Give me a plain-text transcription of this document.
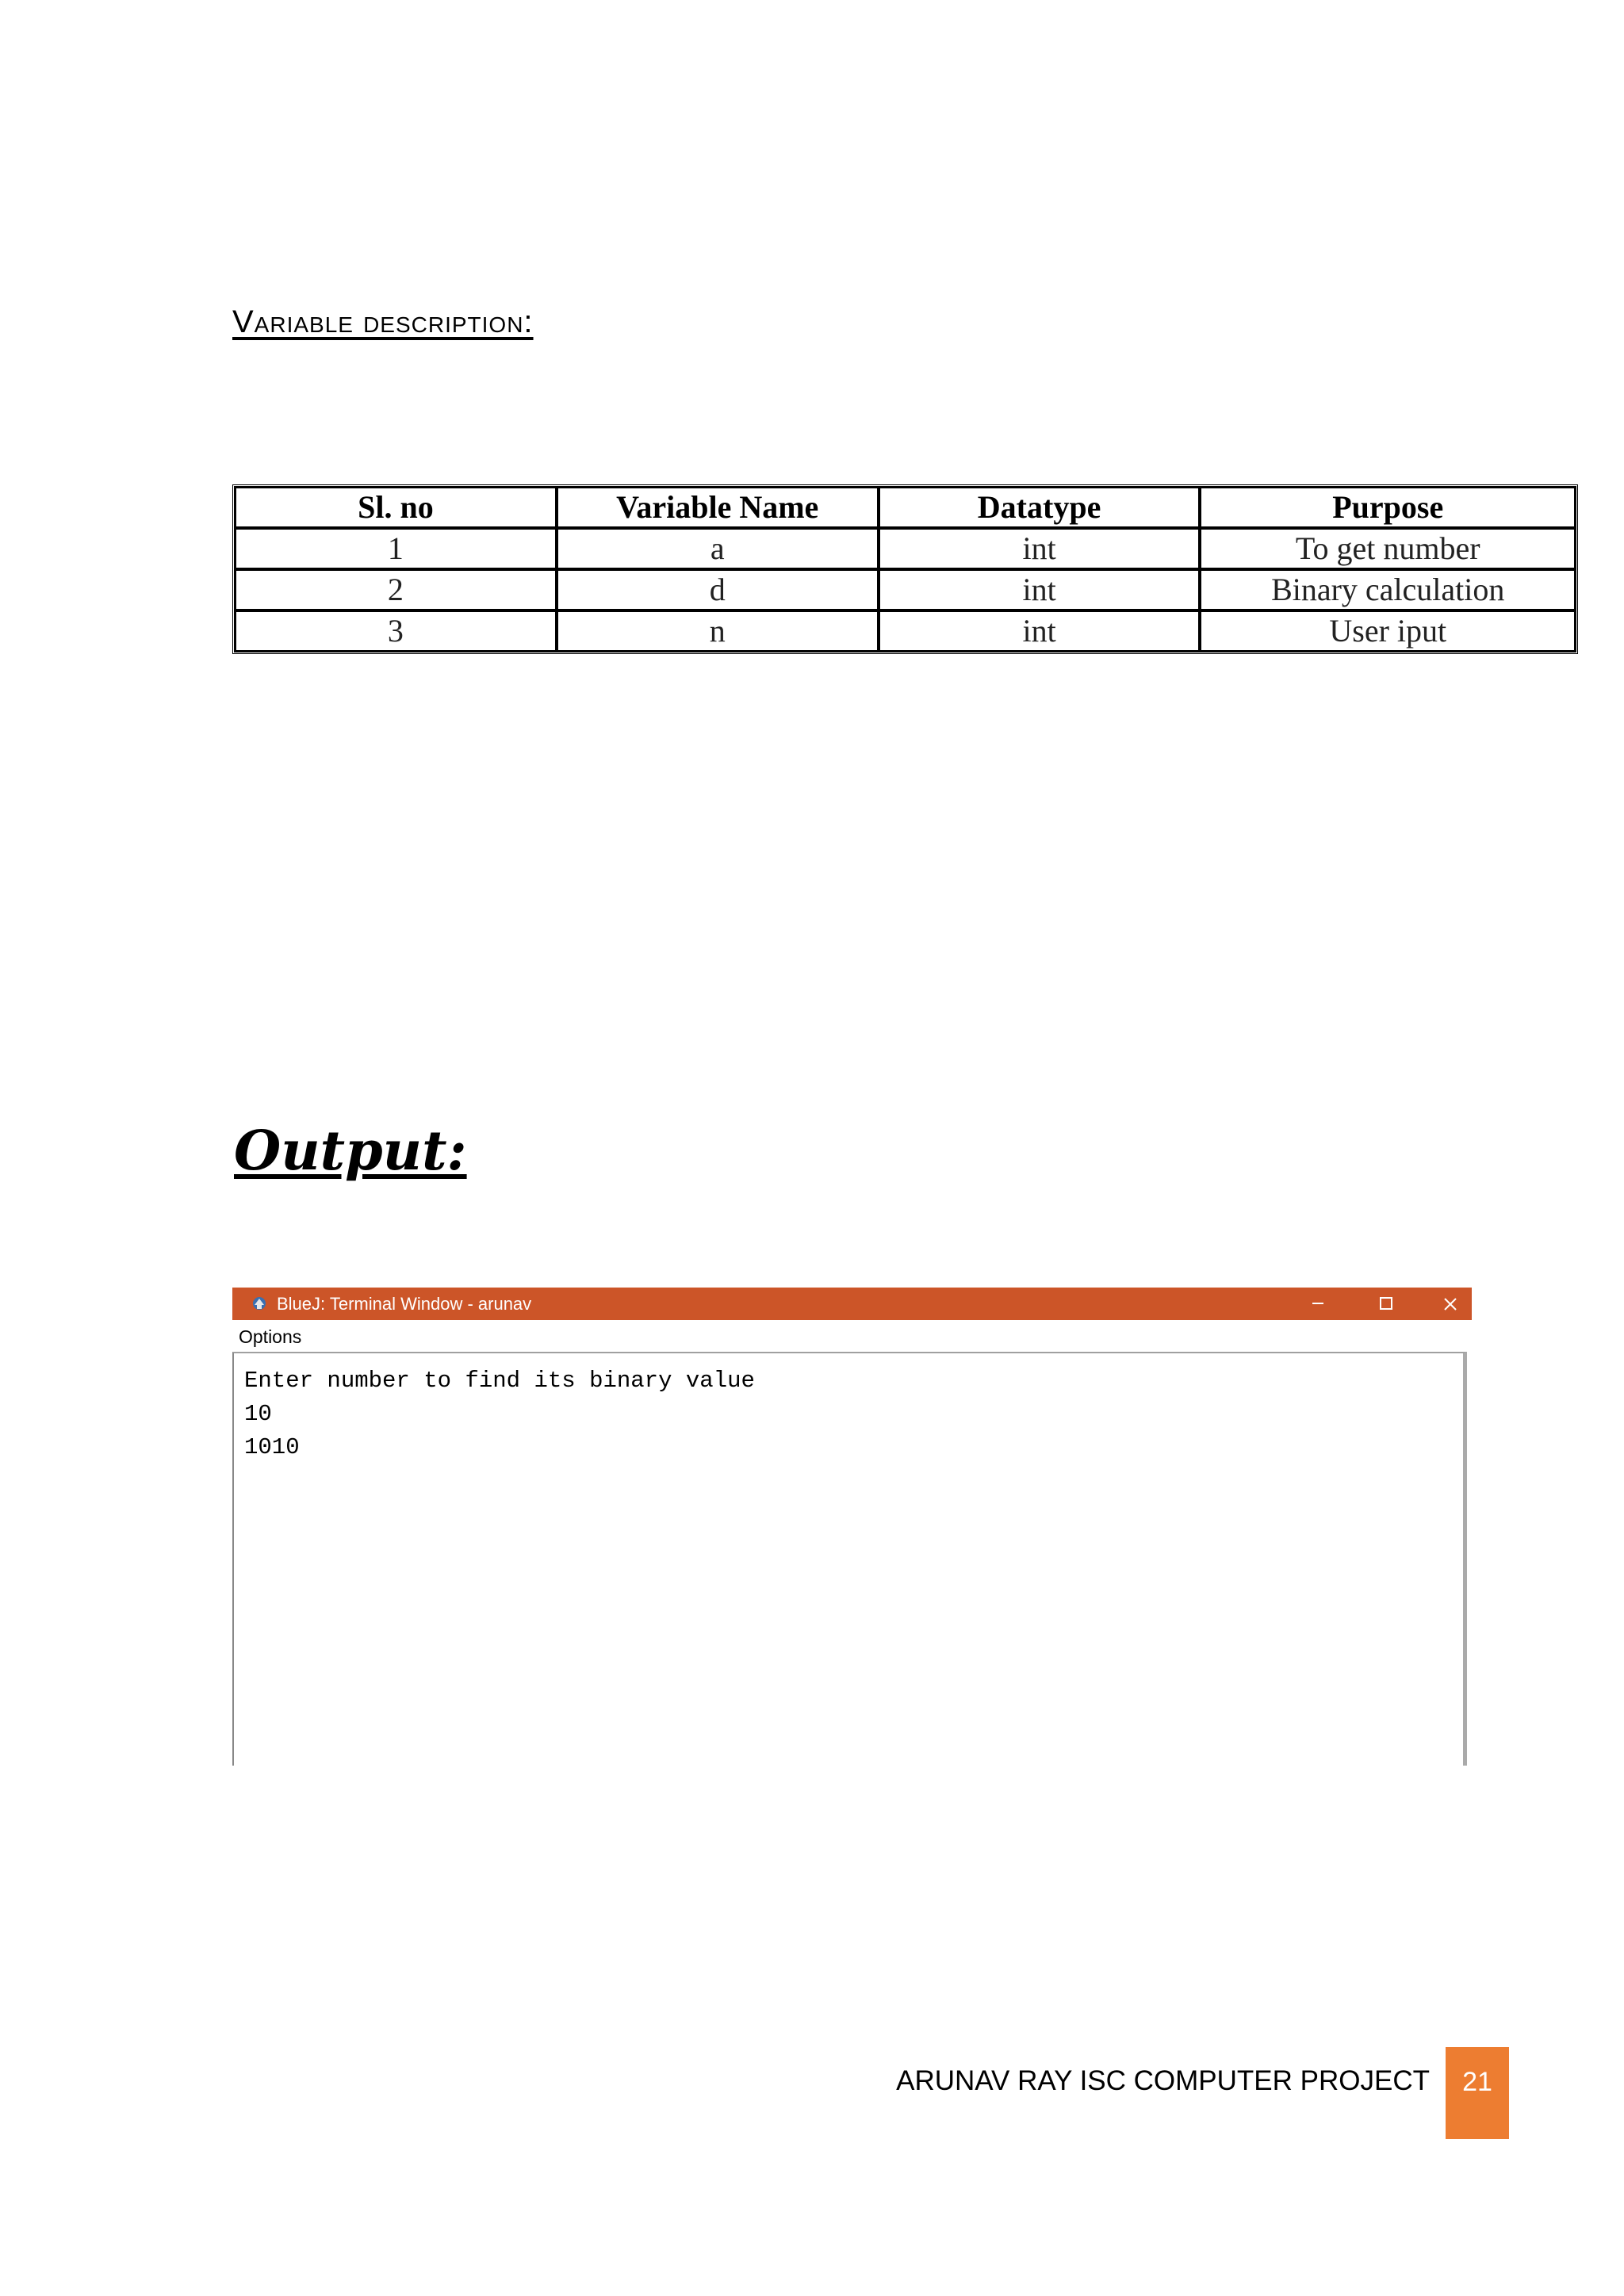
Variable description:
Sl. no	Variable Name	Datatype	Purpose
1	a	int	To get number
2	d	int	Binary calculation
3	n	int	User iput
Output:
BlueJ: Terminal Window - arunav
Options
Enter number to find its binary value
10
1010
ARUNAV RAY ISC COMPUTER PROJECT	21
